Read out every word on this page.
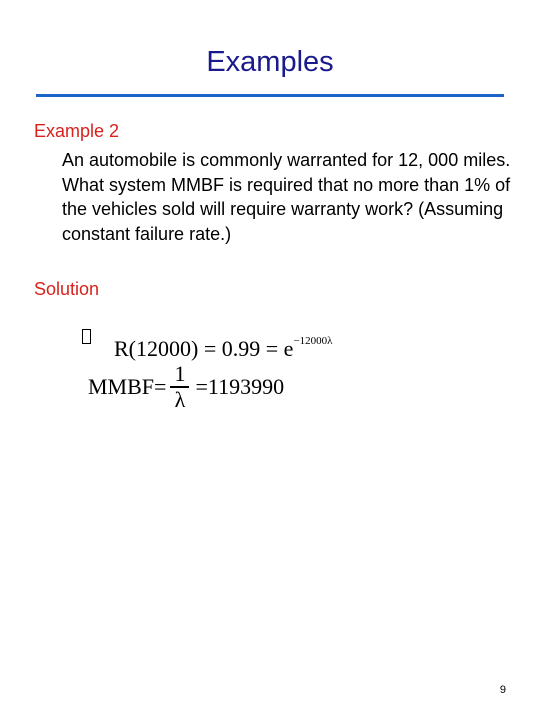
Examples
Example 2
An automobile is commonly warranted for 12, 000 miles. What system MMBF is required that no more than 1% of the vehicles sold will require warranty work? (Assuming constant failure rate.)
Solution
$R(12000) = 0.99 = e^{-12000\lambda}$
MMBF = $\frac{1}{\lambda} = 1193990$
9
